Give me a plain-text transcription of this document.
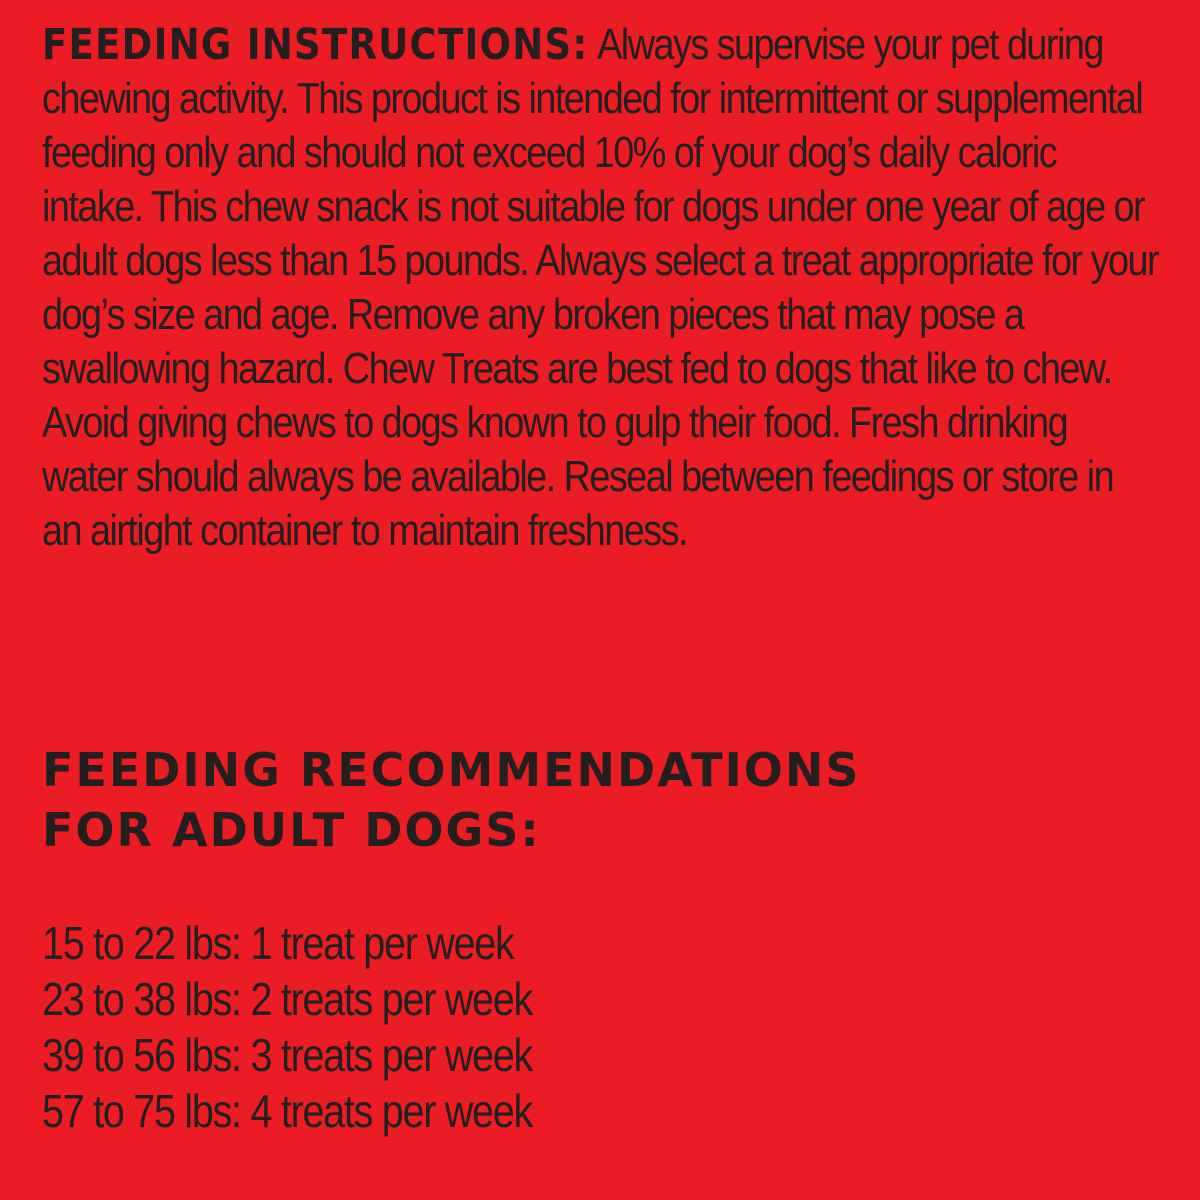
FEEDING INSTRUCTIONS: Always supervise your pet during chewing activity. This product is intended for intermittent or supplemental feeding only and should not exceed 10% of your dog’s daily caloric intake. This chew snack is not suitable for dogs under one year of age or adult dogs less than 15 pounds. Always select a treat appropriate for your dog’s size and age. Remove any broken pieces that may pose a swallowing hazard. Chew Treats are best fed to dogs that like to chew. Avoid giving chews to dogs known to gulp their food. Fresh drinking water should always be available. Reseal between feedings or store in an airtight container to maintain freshness.

FEEDING RECOMMENDATIONS
FOR ADULT DOGS:
15 to 22 lbs: 1 treat per week
23 to 38 lbs: 2 treats per week
39 to 56 lbs: 3 treats per week
57 to 75 lbs: 4 treats per week
